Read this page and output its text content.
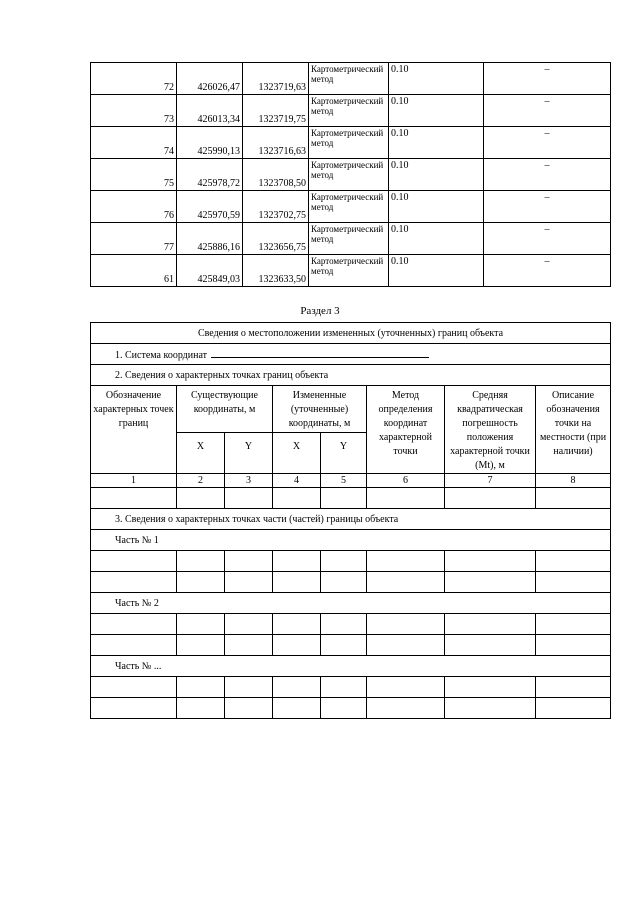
72	426026,47	1323719,63	Картометрический метод	0.10	–
73	426013,34	1323719,75	Картометрический метод	0.10	–
74	425990,13	1323716,63	Картометрический метод	0.10	–
75	425978,72	1323708,50	Картометрический метод	0.10	–
76	425970,59	1323702,75	Картометрический метод	0.10	–
77	425886,16	1323656,75	Картометрический метод	0.10	–
61	425849,03	1323633,50	Картометрический метод	0.10	–
Раздел 3
Сведения о местоположении измененных (уточненных) границ объекта							
1. Система координат							
2. Сведения о характерных точках границ объекта							
Обозначение характерных точек границ	Существующие координаты, м		Измененные (уточненные) координаты, м		Метод определения координат характерной точки	Средняя квадратическая погрешность положения характерной точки (Mt), м	Описание обозначения точки на местности (при наличии)
	X	Y	X	Y			
1	2	3	4	5	6	7	8

3. Сведения о характерных точках части (частей) границы объекта							
Часть № 1							

Часть № 2							

Часть № ...							
